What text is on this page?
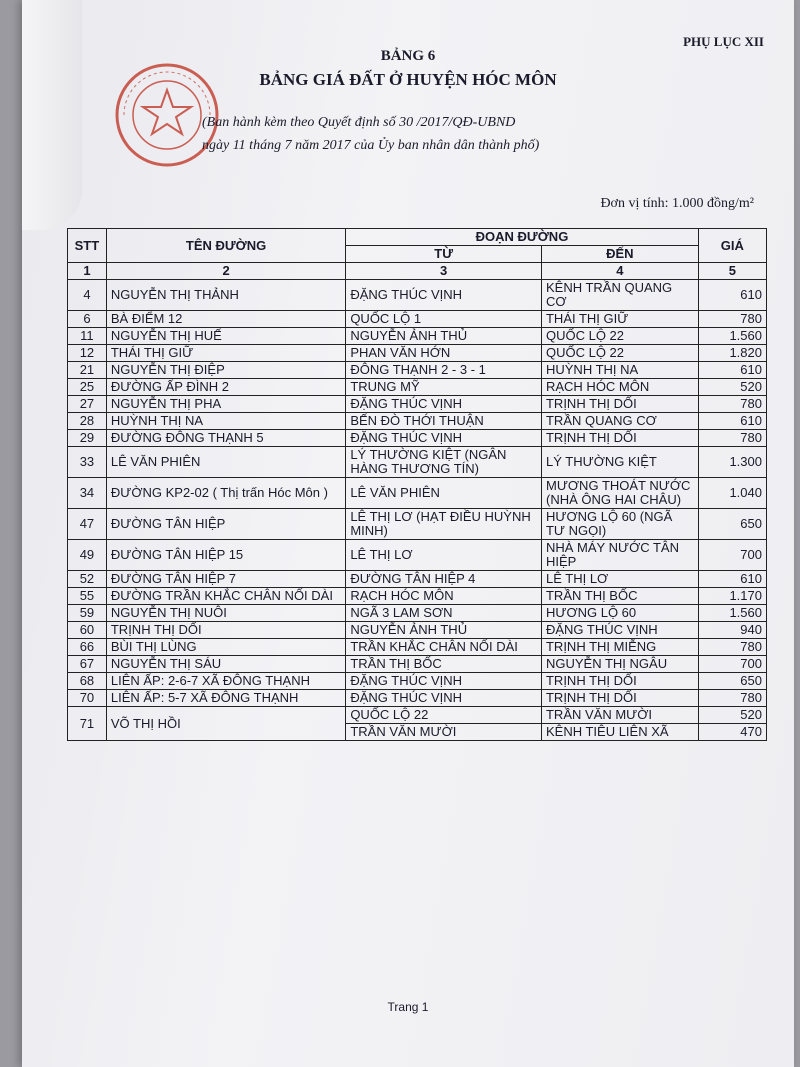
PHỤ LỤC XII
BẢNG 6
BẢNG GIÁ ĐẤT Ở HUYỆN HÓC MÔN
(Ban hành kèm theo Quyết định số 30 /2017/QĐ-UBND
ngày 11 tháng 7 năm 2017 của Ủy ban nhân dân thành phố)
Đơn vị tính: 1.000 đồng/m²
STT	TÊN ĐƯỜNG	ĐOẠN ĐƯỜNG		GIÁ
		TỪ	ĐẾN	
1	2	3	4	5
4	NGUYỄN THỊ THẢNH	ĐẶNG THÚC VỊNH	KÊNH TRẦN QUANG CƠ	610
6	BÀ ĐIỂM 12	QUỐC LỘ 1	THÁI THỊ GIỮ	780
11	NGUYỄN THỊ HUẾ	NGUYỄN ẢNH THỦ	QUỐC LỘ 22	1.560
12	THÁI THỊ GIỮ	PHAN VĂN HỚN	QUỐC LỘ 22	1.820
21	NGUYỄN THỊ ĐIỆP	ĐÔNG THẠNH 2 - 3 - 1	HUỲNH THỊ NA	610
25	ĐƯỜNG ẤP ĐÌNH 2	TRUNG MỸ	RẠCH HÓC MÔN	520
27	NGUYỄN THỊ PHA	ĐẶNG THÚC VỊNH	TRỊNH THỊ DỐI	780
28	HUỲNH THỊ NA	BẾN ĐÒ THỚI THUẬN	TRẦN QUANG CƠ	610
29	ĐƯỜNG ĐÔNG THẠNH 5	ĐẶNG THÚC VỊNH	TRỊNH THỊ DỐI	780
33	LÊ VĂN PHIÊN	LÝ THƯỜNG KIỆT (NGÂN HÀNG THƯƠNG TÍN)	LÝ THƯỜNG KIỆT	1.300
34	ĐƯỜNG KP2-02 ( Thị trấn Hóc Môn )	LÊ VĂN PHIÊN	MƯƠNG THOÁT NƯỚC (NHÀ ÔNG HAI CHÂU)	1.040
47	ĐƯỜNG TÂN HIỆP	LÊ THỊ LƠ (HẠT ĐIỀU HUỲNH MINH)	HƯƠNG LỘ 60 (NGÃ TƯ NGỌI)	650
49	ĐƯỜNG TÂN HIỆP 15	LÊ THỊ LƠ	NHÀ MÁY NƯỚC TÂN HIỆP	700
52	ĐƯỜNG TÂN HIỆP 7	ĐƯỜNG TÂN HIỆP 4	LÊ THỊ LƠ	610
55	ĐƯỜNG TRẦN KHẮC CHÂN NỐI DÀI	RẠCH HÓC MÔN	TRẦN THỊ BỐC	1.170
59	NGUYỄN THỊ NUÔI	NGÃ 3 LAM SƠN	HƯƠNG LỘ 60	1.560
60	TRỊNH THỊ DỐI	NGUYỄN ẢNH THỦ	ĐẶNG THÚC VỊNH	940
66	BÙI THỊ LÙNG	TRẦN KHẮC CHÂN NỐI DÀI	TRỊNH THỊ MIỄNG	780
67	NGUYỄN THỊ SÁU	TRẦN THỊ BỐC	NGUYỄN THỊ NGÂU	700
68	LIÊN ẤP: 2-6-7 XÃ ĐÔNG THẠNH	ĐẶNG THÚC VỊNH	TRỊNH THỊ DỐI	650
70	LIÊN ẤP: 5-7 XÃ ĐÔNG THẠNH	ĐẶNG THÚC VỊNH	TRỊNH THỊ DỐI	780
71	VÕ THỊ HỒI	QUỐC LỘ 22	TRẦN VĂN MƯỜI	520
		TRẦN VĂN MƯỜI	KÊNH TIÊU LIÊN XÃ	470
Trang 1
